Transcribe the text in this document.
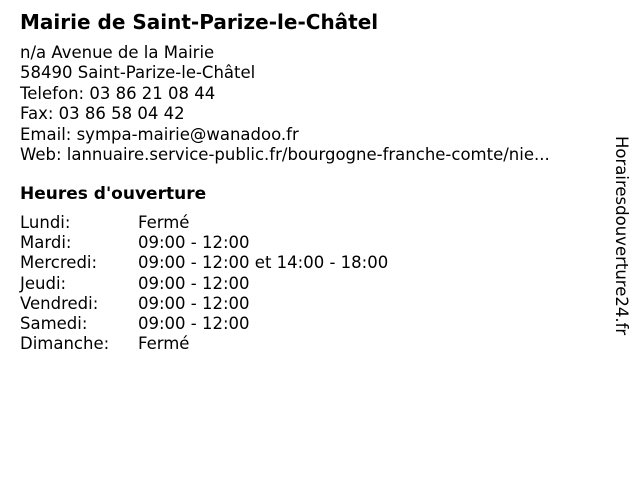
Mairie de Saint-Parize-le-Châtel
n/a Avenue de la Mairie
58490 Saint-Parize-le-Châtel
Telefon: 03 86 21 08 44
Fax: 03 86 58 04 42
Email: sympa-mairie@wanadoo.fr
Web: lannuaire.service-public.fr/bourgogne-franche-comte/nie...
Heures d'ouverture
Lundi:	Fermé
Mardi:	09:00 - 12:00
Mercredi:	09:00 - 12:00 et 14:00 - 18:00
Jeudi:	09:00 - 12:00
Vendredi:	09:00 - 12:00
Samedi:	09:00 - 12:00
Dimanche:	Fermé
Horairesdouverture24.fr
